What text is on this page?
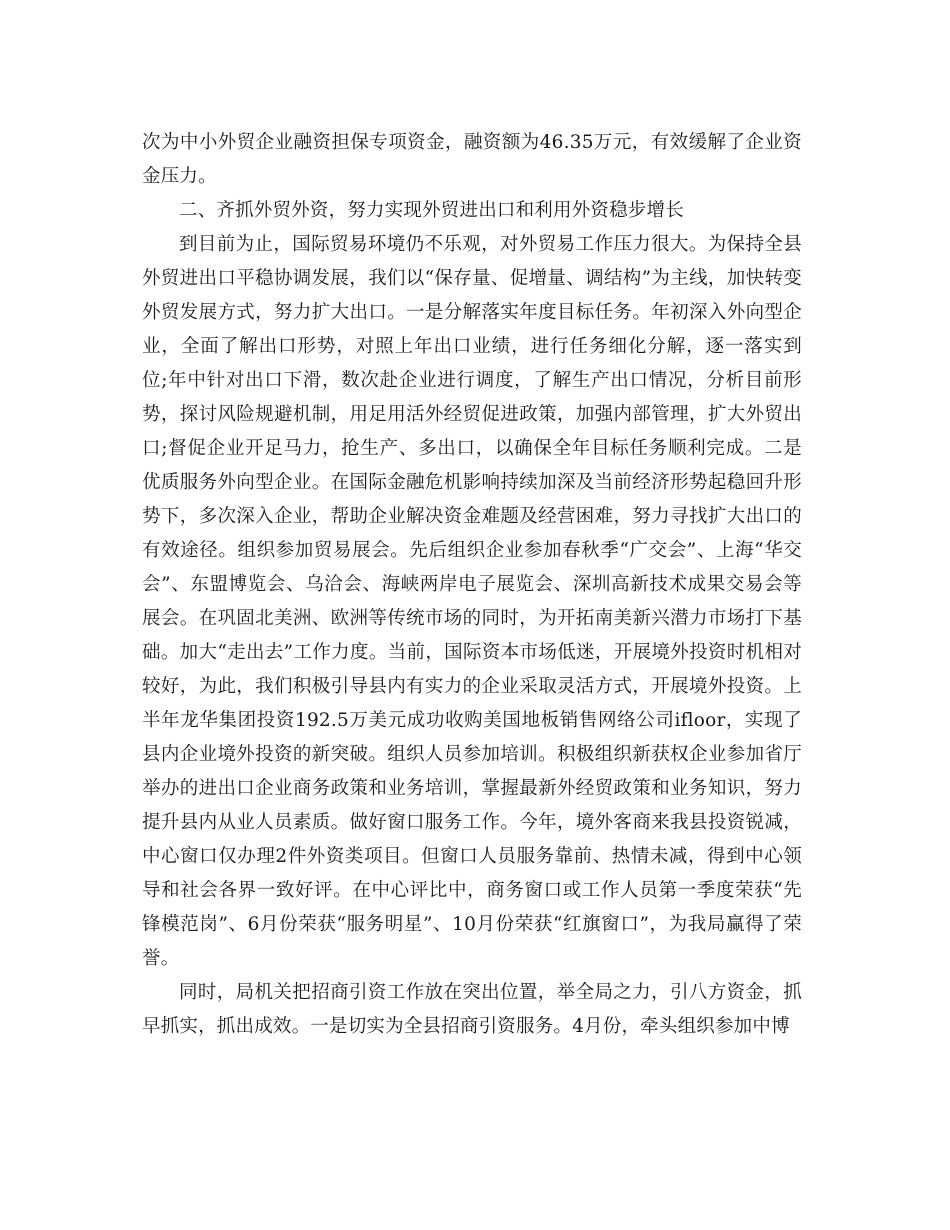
次为中小外贸企业融资担保专项资金，融资额为46.35万元，有效缓解了企业资金压力。

二、齐抓外贸外资，努力实现外贸进出口和利用外资稳步增长

到目前为止，国际贸易环境仍不乐观，对外贸易工作压力很大。为保持全县外贸进出口平稳协调发展，我们以“保存量、促增量、调结构”为主线，加快转变外贸发展方式，努力扩大出口。一是分解落实年度目标任务。年初深入外向型企业，全面了解出口形势，对照上年出口业绩，进行任务细化分解，逐一落实到位;年中针对出口下滑，数次赴企业进行调度，了解生产出口情况，分析目前形势，探讨风险规避机制，用足用活外经贸促进政策，加强内部管理，扩大外贸出口;督促企业开足马力，抢生产、多出口，以确保全年目标任务顺利完成。二是优质服务外向型企业。在国际金融危机影响持续加深及当前经济形势起稳回升形势下，多次深入企业，帮助企业解决资金难题及经营困难，努力寻找扩大出口的有效途径。组织参加贸易展会。先后组织企业参加春秋季“广交会”、上海“华交会”、东盟博览会、乌洽会、海峡两岸电子展览会、深圳高新技术成果交易会等展会。在巩固北美洲、欧洲等传统市场的同时，为开拓南美新兴潜力市场打下基础。加大“走出去”工作力度。当前，国际资本市场低迷，开展境外投资时机相对较好，为此，我们积极引导县内有实力的企业采取灵活方式，开展境外投资。上半年龙华集团投资192.5万美元成功收购美国地板销售网络公司ifloor，实现了县内企业境外投资的新突破。组织人员参加培训。积极组织新获权企业参加省厅举办的进出口企业商务政策和业务培训，掌握最新外经贸政策和业务知识，努力提升县内从业人员素质。做好窗口服务工作。今年，境外客商来我县投资锐减，中心窗口仅办理2件外资类项目。但窗口人员服务靠前、热情未减，得到中心领导和社会各界一致好评。在中心评比中，商务窗口或工作人员第一季度荣获“先锋模范岗”、6月份荣获“服务明星”、10月份荣获“红旗窗口”，为我局赢得了荣誉。

同时，局机关把招商引资工作放在突出位置，举全局之力，引八方资金，抓早抓实，抓出成效。一是切实为全县招商引资服务。4月份，牵头组织参加中博
